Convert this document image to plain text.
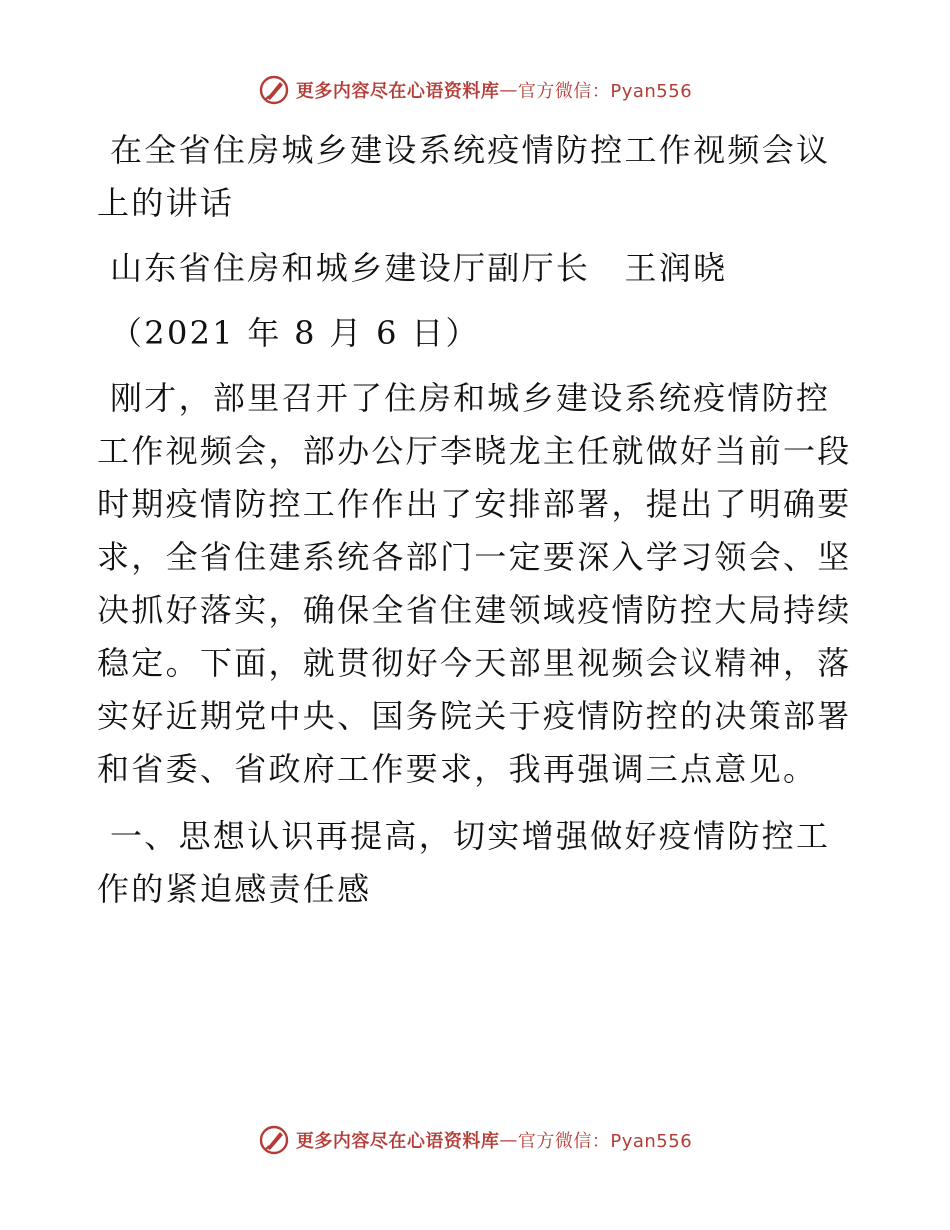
更多内容尽在心语资料库 — 官方微信：Pyan556

在全省住房城乡建设系统疫情防控工作视频会议上的讲话

山东省住房和城乡建设厅副厅长　王润晓

（2021 年 8 月 6 日）

刚才，部里召开了住房和城乡建设系统疫情防控工作视频会，部办公厅李晓龙主任就做好当前一段时期疫情防控工作作出了安排部署，提出了明确要求，全省住建系统各部门一定要深入学习领会、坚决抓好落实，确保全省住建领域疫情防控大局持续稳定。下面，就贯彻好今天部里视频会议精神，落实好近期党中央、国务院关于疫情防控的决策部署和省委、省政府工作要求，我再强调三点意见。

一、思想认识再提高，切实增强做好疫情防控工作的紧迫感责任感

更多内容尽在心语资料库 — 官方微信：Pyan556
